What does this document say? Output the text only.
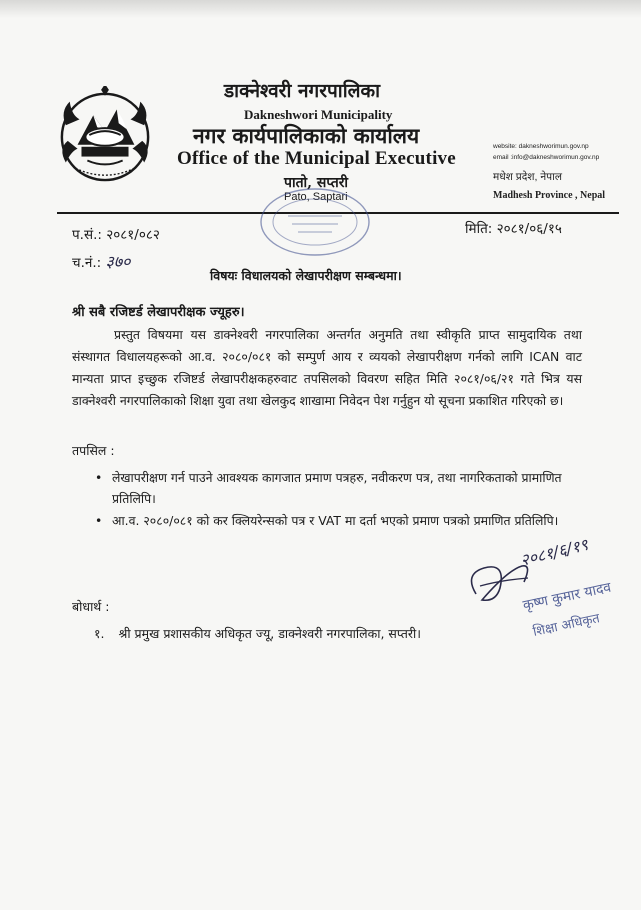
डाक्नेश्वरी नगरपालिका
Dakneshwori Municipality
नगर कार्यपालिकाको कार्यालय
Office of the Municipal Executive
पातो, सप्तरी
Pato, Saptari
website: dakneshworimun.gov.np
email :info@dakneshworimun.gov.np
मधेश प्रदेश, नेपाल
Madhesh Province , Nepal
प.सं.: २०८१/०८२	मिति: २०८१/०६/१५
च.नं.: ३७०
विषयः विधालयको लेखापरीक्षण सम्बन्धमा।
श्री सबै रजिष्टर्ड लेखापरीक्षक ज्यूहरु।
प्रस्तुत विषयमा यस डाक्नेश्वरी नगरपालिका अन्तर्गत अनुमति तथा स्वीकृति प्राप्त सामुदायिक तथा संस्थागत विधालयहरूको आ.व. २०८०/०८१ को सम्पुर्ण आय र व्ययको लेखापरीक्षण गर्नको लागि ICAN वाट मान्यता प्राप्त इच्छुक रजिष्टर्ड लेखापरीक्षकहरुवाट तपसिलको विवरण सहित मिति २०८१/०६/२१ गते भित्र यस डाक्नेश्वरी नगरपालिकाको शिक्षा युवा तथा खेलकुद शाखामा निवेदन पेश गर्नुहुन यो सूचना प्रकाशित गरिएको छ।
तपसिल :
• लेखापरीक्षण गर्न पाउने आवश्यक कागजात प्रमाण पत्रहरु, नवीकरण पत्र, तथा नागरिकताको प्रामाणित प्रतिलिपि।
• आ.व. २०८०/०८१ को कर क्लियरेन्सको पत्र र VAT मा दर्ता भएको प्रमाण पत्रको प्रमाणित प्रतिलिपि।
बोधार्थ :
१. श्री प्रमुख प्रशासकीय अधिकृत ज्यू, डाक्नेश्वरी नगरपालिका, सप्तरी।
२०८१/६/१९
कृष्ण कुमार यादव
शिक्षा अधिकृत
